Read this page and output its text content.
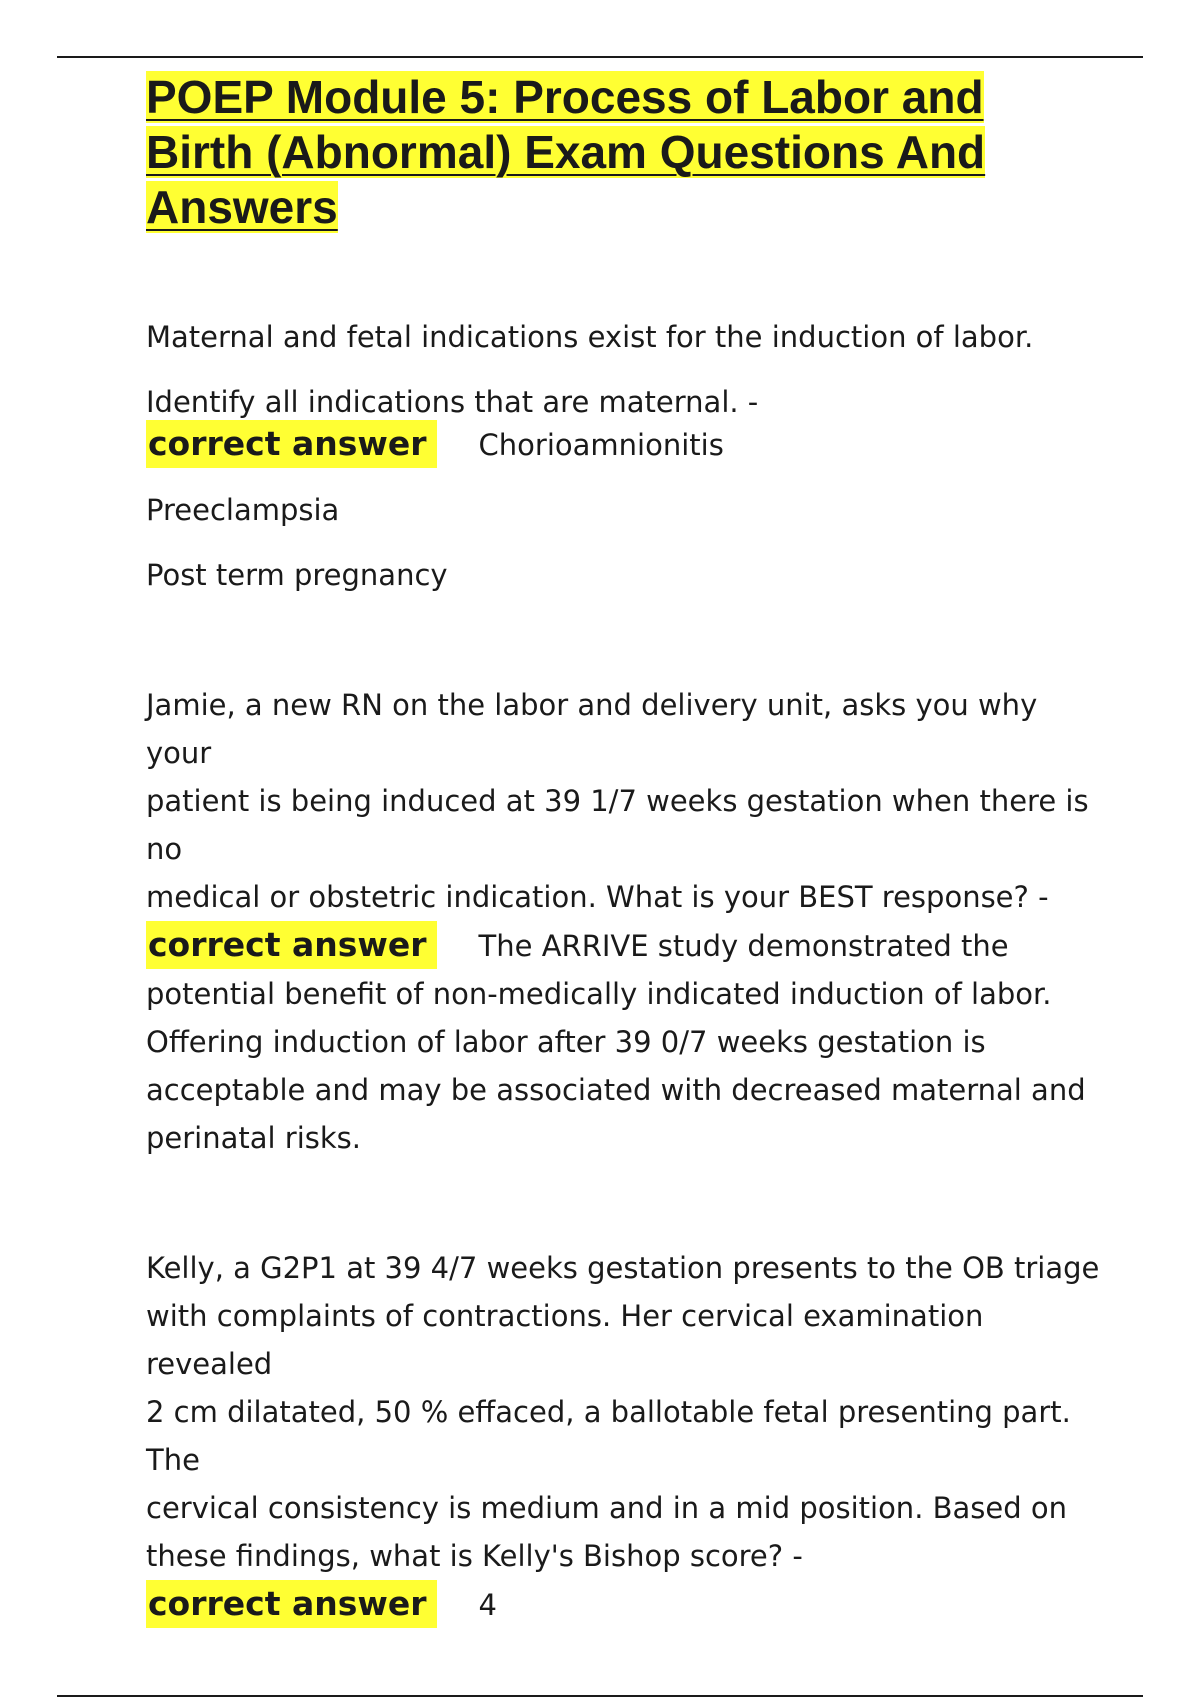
POEP Module 5: Process of Labor and
Birth (Abnormal) Exam Questions And
Answers

Maternal and fetal indications exist for the induction of labor.

Identify all indications that are maternal. -

correct answer	Chorioamnionitis

Preeclampsia

Post term pregnancy

Jamie, a new RN on the labor and delivery unit, asks you why your

patient is being induced at 39 1/7 weeks gestation when there is no

medical or obstetric indication. What is your BEST response? -

correct answer	The ARRIVE study demonstrated the

potential benefit of non-medically indicated induction of labor.

Offering induction of labor after 39 0/7 weeks gestation is

acceptable and may be associated with decreased maternal and

perinatal risks.

Kelly, a G2P1 at 39 4/7 weeks gestation presents to the OB triage

with complaints of contractions. Her cervical examination revealed

2 cm dilatated, 50 % effaced, a ballotable fetal presenting part. The

cervical consistency is medium and in a mid position. Based on

these findings, what is Kelly's Bishop score? -

correct answer	4
